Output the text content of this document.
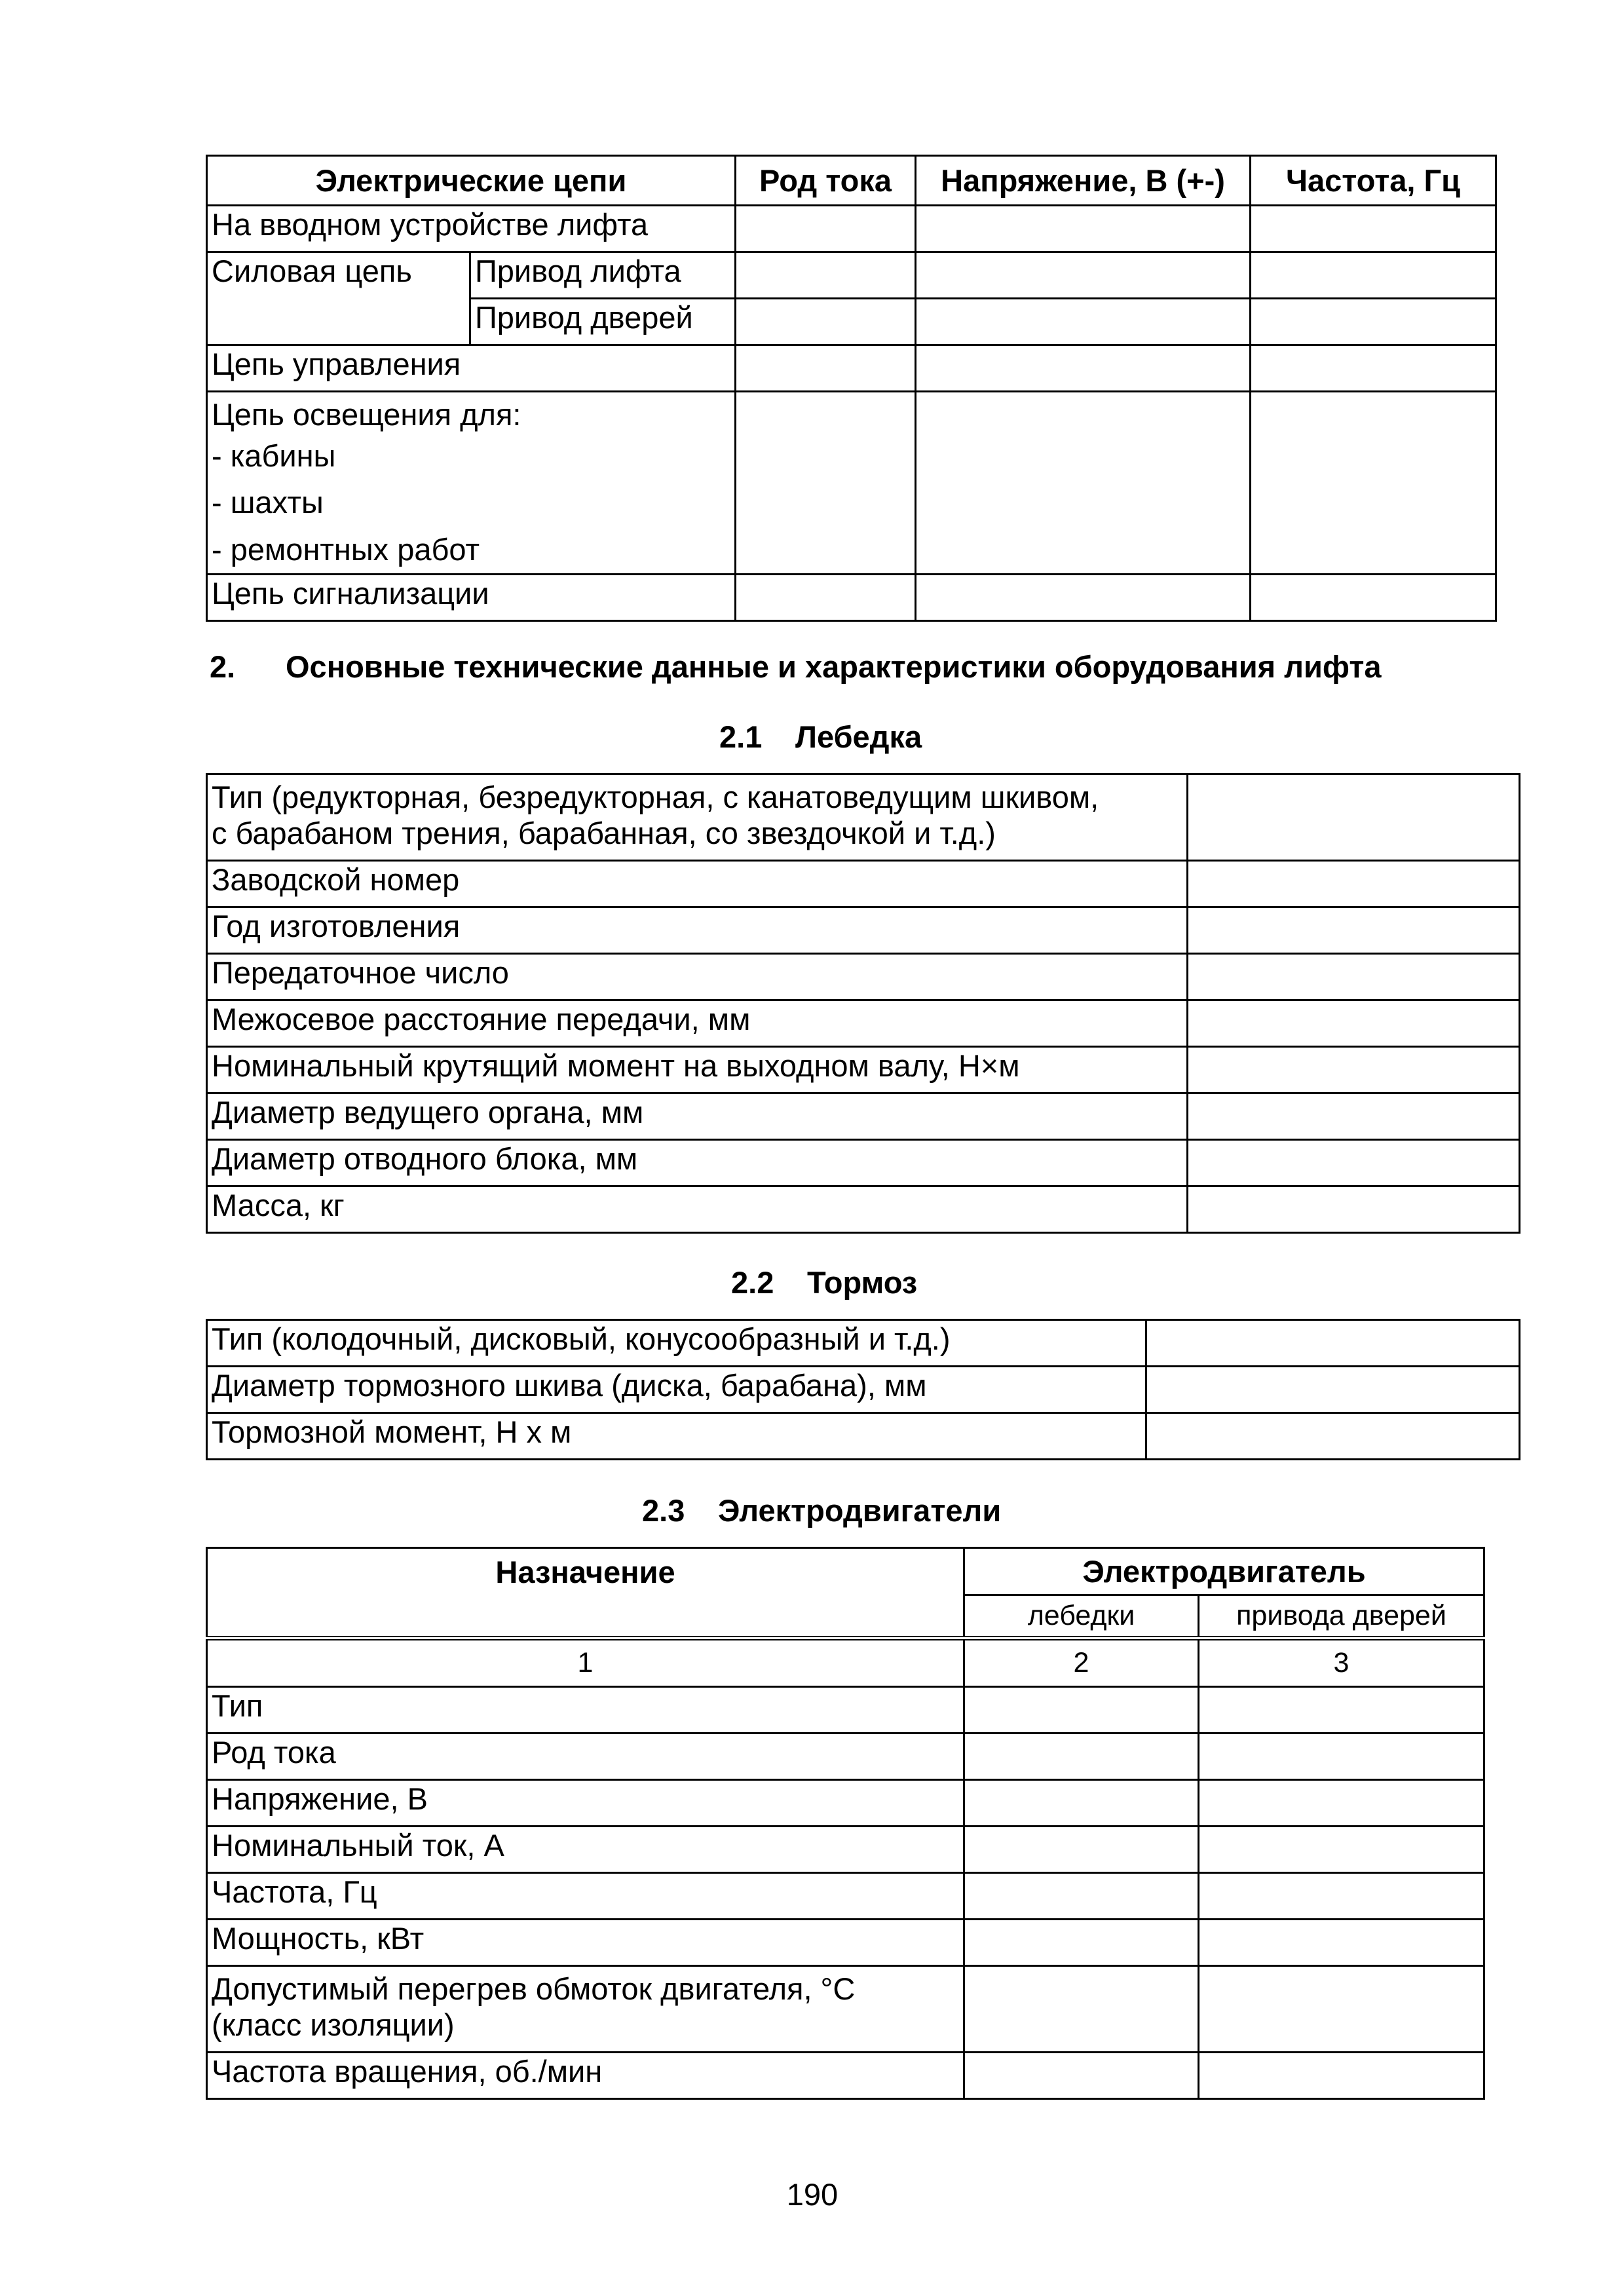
Электрические цепи		Род тока	Напряжение, В (+-)	Частота, Гц
На вводном устройстве лифта				
Силовая цепь	Привод лифта			
	Привод дверей			
Цепь управления				

Цепь освещения для:
- кабины
- шахты
- ремонтных работ				

Цепь сигнализации				
2. Основные технические данные и характеристики оборудования лифта
2.1 Лебедка
Тип (редукторная, безредукторная, с канатоведущим шкивом,
с барабаном трения, барабанная, со звездочкой и т.д.)	

Заводской номер	
Год изготовления	
Передаточное число	
Межосевое расстояние передачи, мм	
Номинальный крутящий момент на выходном валу, Н×м	
Диаметр ведущего органа, мм	
Диаметр отводного блока, мм	
Масса, кг	
2.2 Тормоз
Тип (колодочный, дисковый, конусообразный и т.д.)	
Диаметр тормозного шкива (диска, барабана), мм	
Тормозной момент, Н х м	
2.3 Электродвигатели
Назначение	Электродвигатель	
	лебедки	привода дверей
1	2	3
Тип		
Род тока		
Напряжение, В		
Номинальный ток, А		
Частота, Гц		
Мощность, кВт		

Допустимый перегрев обмоток двигателя, °С
(класс изоляции)		

Частота вращения, об./мин		
190
